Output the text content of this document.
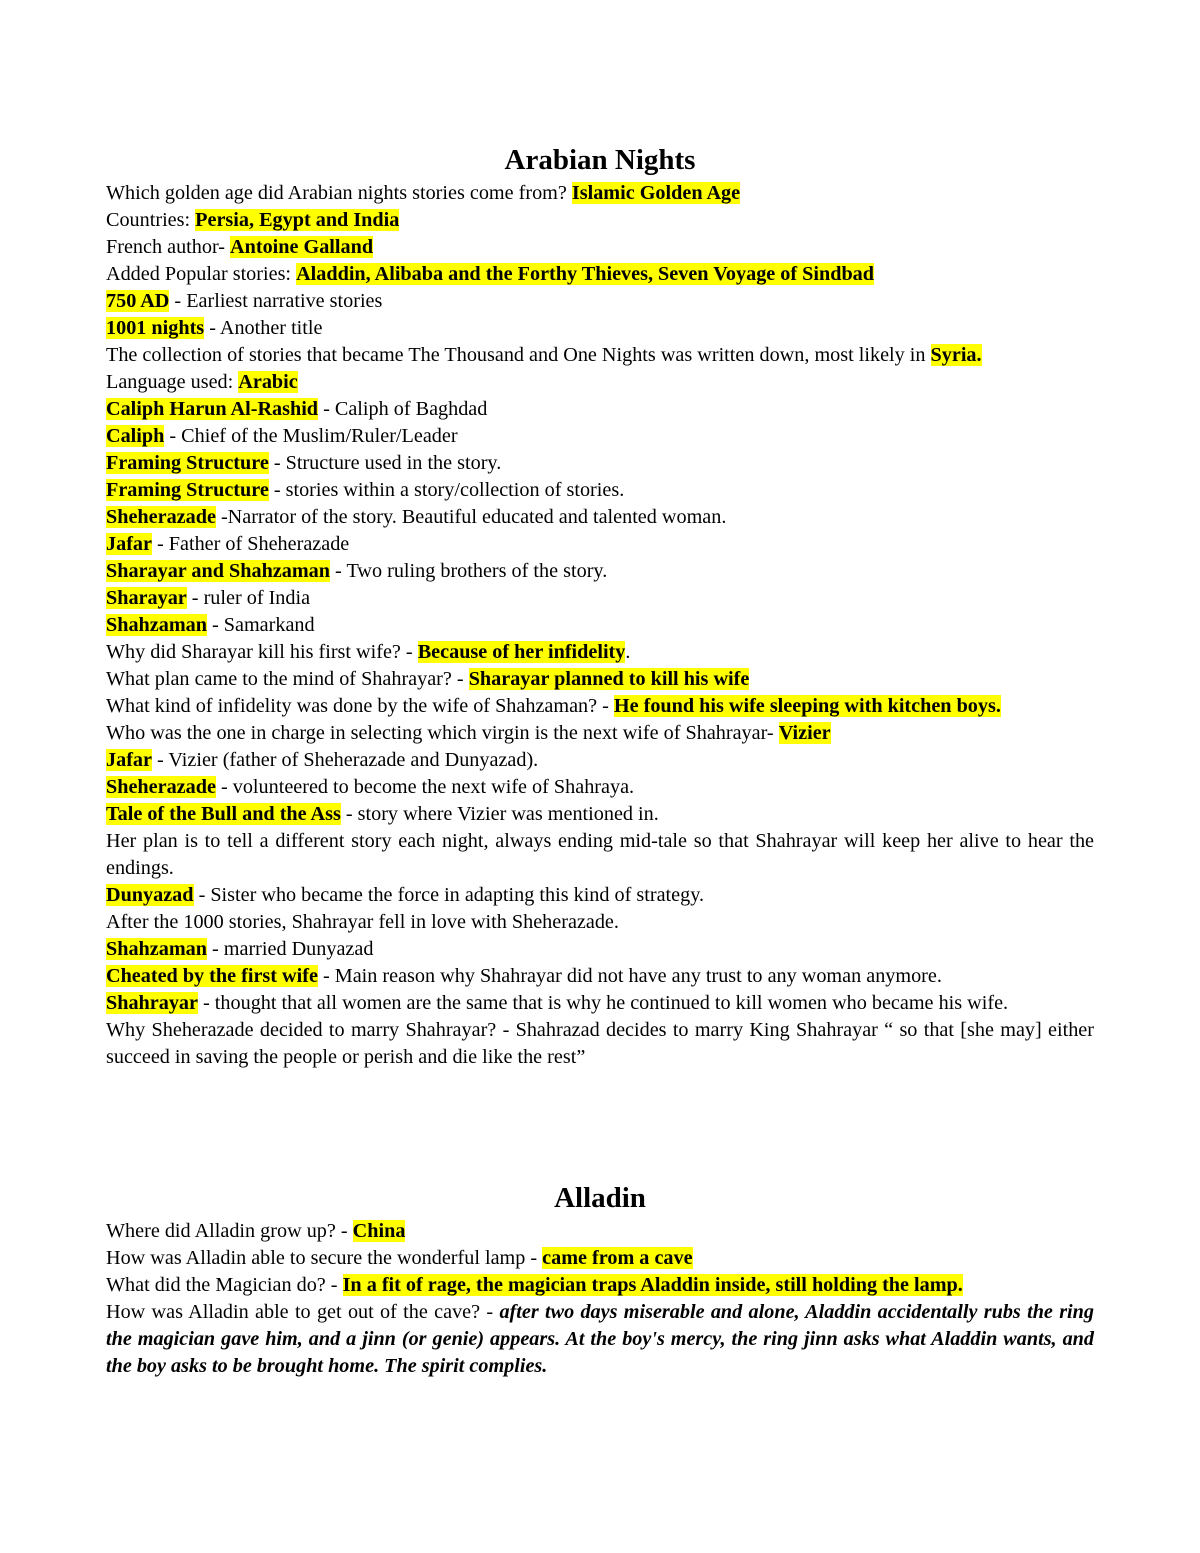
Arabian Nights

Which golden age did Arabian nights stories come from? Islamic Golden Age

Countries: Persia, Egypt and India

French author- Antoine Galland

Added Popular stories: Aladdin, Alibaba and the Forthy Thieves, Seven Voyage of Sindbad

750 AD - Earliest narrative stories

1001 nights - Another title

The collection of stories that became The Thousand and One Nights was written down, most likely in Syria.

Language used: Arabic

Caliph Harun Al-Rashid - Caliph of Baghdad

Caliph - Chief of the Muslim/Ruler/Leader

Framing Structure - Structure used in the story.

Framing Structure - stories within a story/collection of stories.

Sheherazade -Narrator of the story. Beautiful educated and talented woman.

Jafar - Father of Sheherazade

Sharayar and Shahzaman - Two ruling brothers of the story.

Sharayar - ruler of India

Shahzaman - Samarkand

Why did Sharayar kill his first wife? - Because of her infidelity.

What plan came to the mind of Shahrayar? - Sharayar planned to kill his wife

What kind of infidelity was done by the wife of Shahzaman? - He found his wife sleeping with kitchen boys.

Who was the one in charge in selecting which virgin is the next wife of Shahrayar- Vizier

Jafar - Vizier (father of Sheherazade and Dunyazad).

Sheherazade - volunteered to become the next wife of Shahraya.

Tale of the Bull and the Ass - story where Vizier was mentioned in.

Her plan is to tell a different story each night, always ending mid-tale so that Shahrayar will keep her alive to hear the endings.

Dunyazad - Sister who became the force in adapting this kind of strategy.

After the 1000 stories, Shahrayar fell in love with Sheherazade.

Shahzaman - married Dunyazad

Cheated by the first wife - Main reason why Shahrayar did not have any trust to any woman anymore.

Shahrayar - thought that all women are the same that is why he continued to kill women who became his wife.

Why Sheherazade decided to marry Shahrayar? - Shahrazad decides to marry King Shahrayar “ so that [she may] either succeed in saving the people or perish and die like the rest”

Alladin

Where did Alladin grow up? - China

How was Alladin able to secure the wonderful lamp - came from a cave

What did the Magician do? - In a fit of rage, the magician traps Aladdin inside, still holding the lamp.

How was Alladin able to get out of the cave? - after two days miserable and alone, Aladdin accidentally rubs the ring the magician gave him, and a jinn (or genie) appears. At the boy's mercy, the ring jinn asks what Aladdin wants, and the boy asks to be brought home. The spirit complies.
